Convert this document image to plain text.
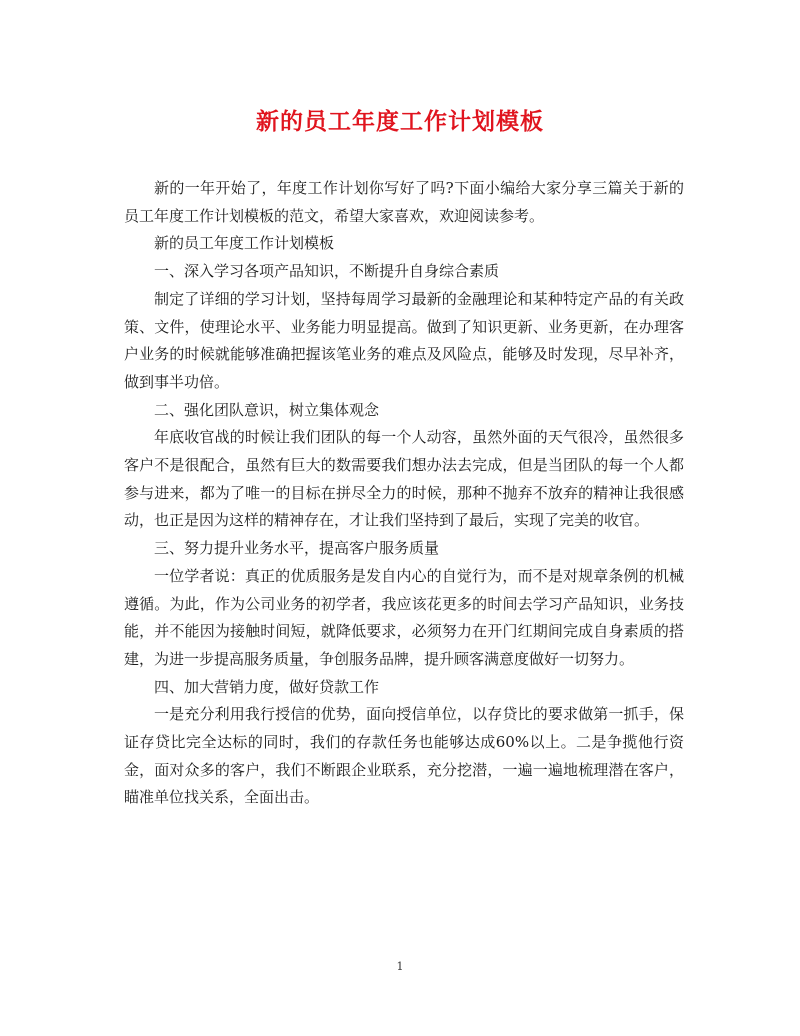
新的员工年度工作计划模板

新的一年开始了，年度工作计划你写好了吗?下面小编给大家分享三篇关于新的员工年度工作计划模板的范文，希望大家喜欢，欢迎阅读参考。

新的员工年度工作计划模板

一、深入学习各项产品知识，不断提升自身综合素质

制定了详细的学习计划，坚持每周学习最新的金融理论和某种特定产品的有关政策、文件，使理论水平、业务能力明显提高。做到了知识更新、业务更新，在办理客户业务的时候就能够准确把握该笔业务的难点及风险点，能够及时发现，尽早补齐，做到事半功倍。

二、强化团队意识，树立集体观念

年底收官战的时候让我们团队的每一个人动容，虽然外面的天气很冷，虽然很多客户不是很配合，虽然有巨大的数需要我们想办法去完成，但是当团队的每一个人都参与进来，都为了唯一的目标在拼尽全力的时候，那种不抛弃不放弃的精神让我很感动，也正是因为这样的精神存在，才让我们坚持到了最后，实现了完美的收官。

三、努力提升业务水平，提高客户服务质量

一位学者说：真正的优质服务是发自内心的自觉行为，而不是对规章条例的机械遵循。为此，作为公司业务的初学者，我应该花更多的时间去学习产品知识，业务技能，并不能因为接触时间短，就降低要求，必须努力在开门红期间完成自身素质的搭建，为进一步提高服务质量，争创服务品牌，提升顾客满意度做好一切努力。

四、加大营销力度，做好贷款工作

一是充分利用我行授信的优势，面向授信单位，以存贷比的要求做第一抓手，保证存贷比完全达标的同时，我们的存款任务也能够达成60%以上。二是争揽他行资金，面对众多的客户，我们不断跟企业联系，充分挖潜，一遍一遍地梳理潜在客户，瞄准单位找关系，全面出击。

1
